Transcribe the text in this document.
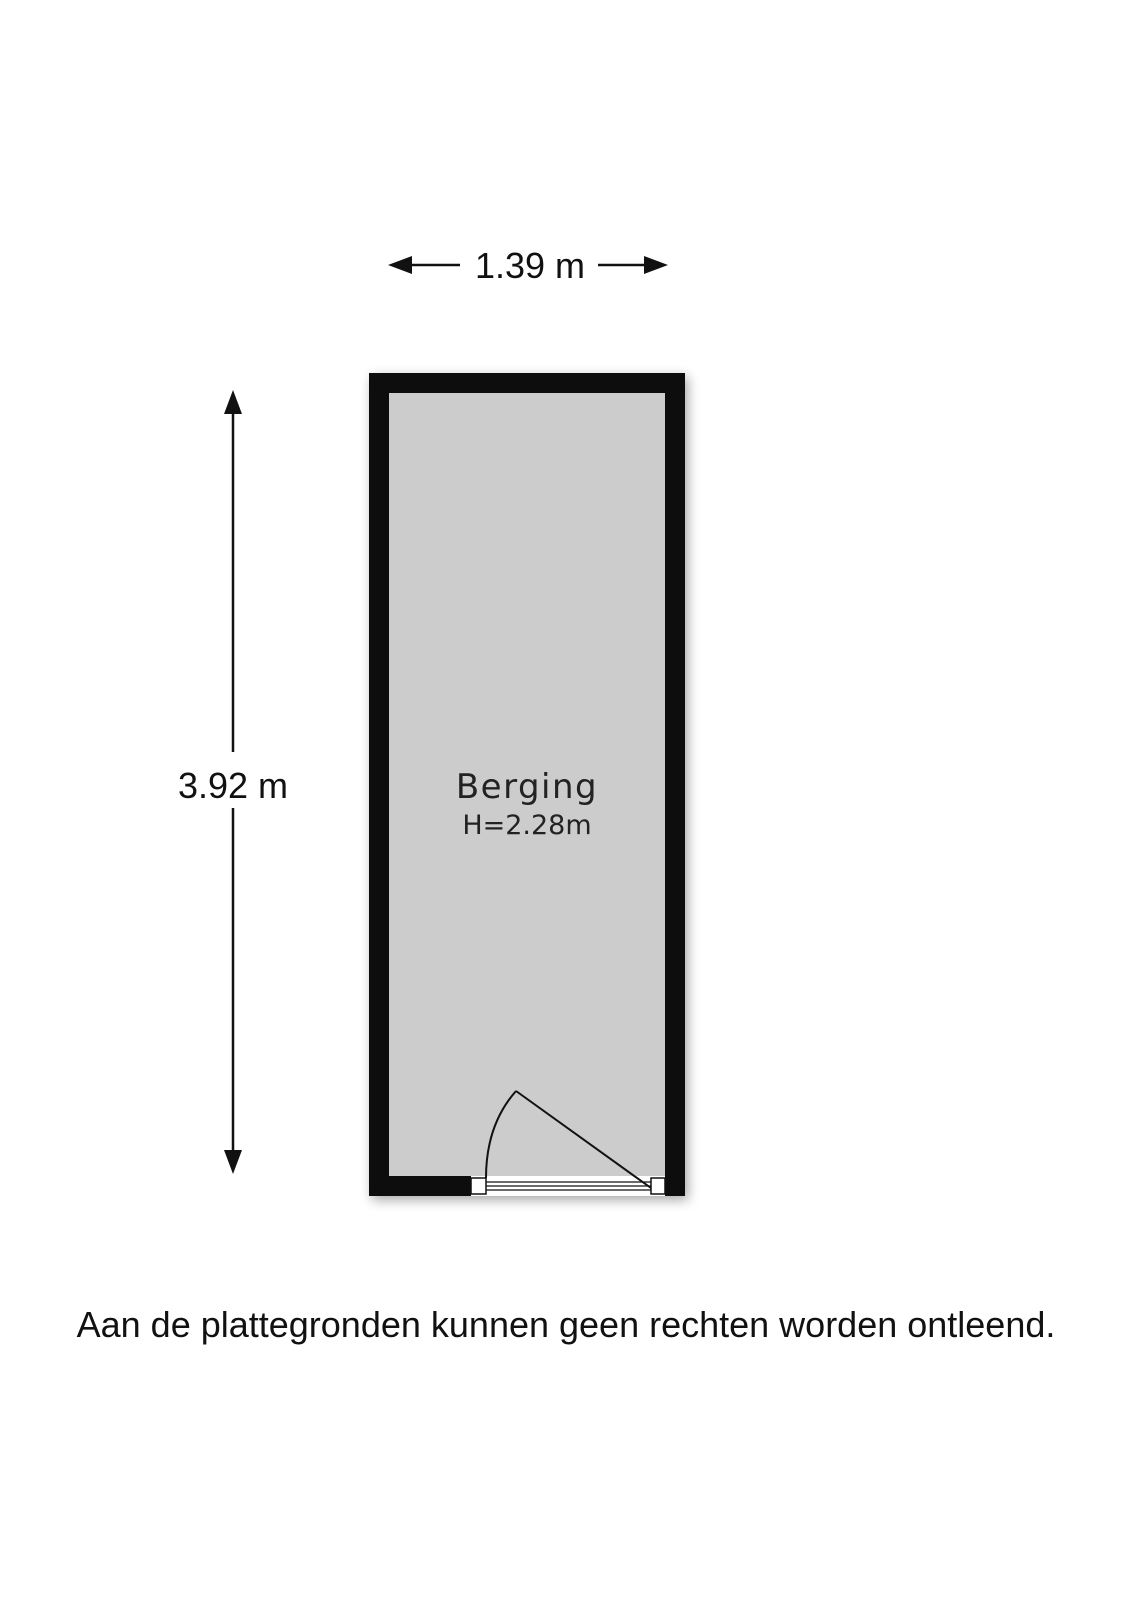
1.39 m
3.92 m	Berging
H=2.28m
Aan de plattegronden kunnen geen rechten worden ontleend.
